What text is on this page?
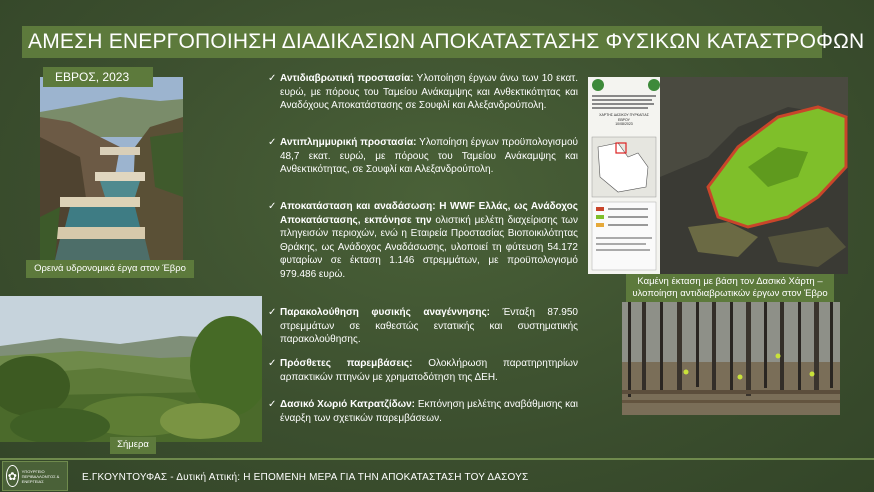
ΑΜΕΣΗ ΕΝΕΡΓΟΠΟΙΗΣΗ ΔΙΑΔΙΚΑΣΙΩΝ ΑΠΟΚΑΤΑΣΤΑΣΗΣ ΦΥΣΙΚΩΝ ΚΑΤΑΣΤΡΟΦΩΝ
ΕΒΡΟΣ, 2023
Ορεινά υδρονομικά έργα στον Έβρο
Σήμερα
✓ Αντιδιαβρωτική προστασία: Υλοποίηση έργων άνω των 10 εκατ. ευρώ, με πόρους του Ταμείου Ανάκαμψης και Ανθεκτικότητας και Αναδόχους Αποκατάστασης σε Σουφλί και Αλεξανδρούπολη.
✓ Αντιπλημμυρική προστασία: Υλοποίηση έργων προϋπολογισμού 48,7 εκατ. ευρώ, με πόρους του Ταμείου Ανάκαμψης και Ανθεκτικότητας, σε Σουφλί και Αλεξανδρούπολη.
✓ Αποκατάσταση και αναδάσωση: Η WWF Ελλάς, ως Ανάδοχος Αποκατάστασης, εκπόνησε την ολιστική μελέτη διαχείρισης των πληγεισών περιοχών, ενώ η Εταιρεία Προστασίας Βιοποικιλότητας Θράκης, ως Ανάδοχος Αναδάσωσης, υλοποιεί τη φύτευση 54.172 φυταρίων σε έκταση 1.146 στρεμμάτων, με προϋπολογισμό 979.486 ευρώ.
✓ Παρακολούθηση φυσικής αναγέννησης: Ένταξη 87.950 στρεμμάτων σε καθεστώς εντατικής και συστηματικής παρακολούθησης.
✓ Πρόσθετες παρεμβάσεις: Ολοκλήρωση παρατηρητηρίων αρπακτικών πτηνών με χρηματοδότηση της ΔΕΗ.
✓ Δασικό Χωριό Κατρατζίδων: Εκπόνηση μελέτης αναβάθμισης και έναρξη των σχετικών παρεμβάσεων.
ΧΑΡΤΗΣ ΔΑΣΙΚΟΥ ΠΥΡΚΑΓΙΑΣ
ΕΒΡΟΥ
10/08/2023
Καμένη έκταση με βάση τον Δασικό Χάρτη – υλοποίηση αντιδιαβρωτικών έργων στον Έβρο
✿	ΥΠΟΥΡΓΕΙΟ ΠΕΡΙΒΑΛΛΟΝΤΟΣ & ΕΝΕΡΓΕΙΑΣ	Ε.ΓΚΟΥΝΤΟΥΦΑΣ - Δυτική Αττική: Η ΕΠΟΜΕΝΗ ΜΕΡΑ ΓΙΑ ΤΗΝ ΑΠΟΚΑΤΑΣΤΑΣΗ ΤΟΥ ΔΑΣΟΥΣ
